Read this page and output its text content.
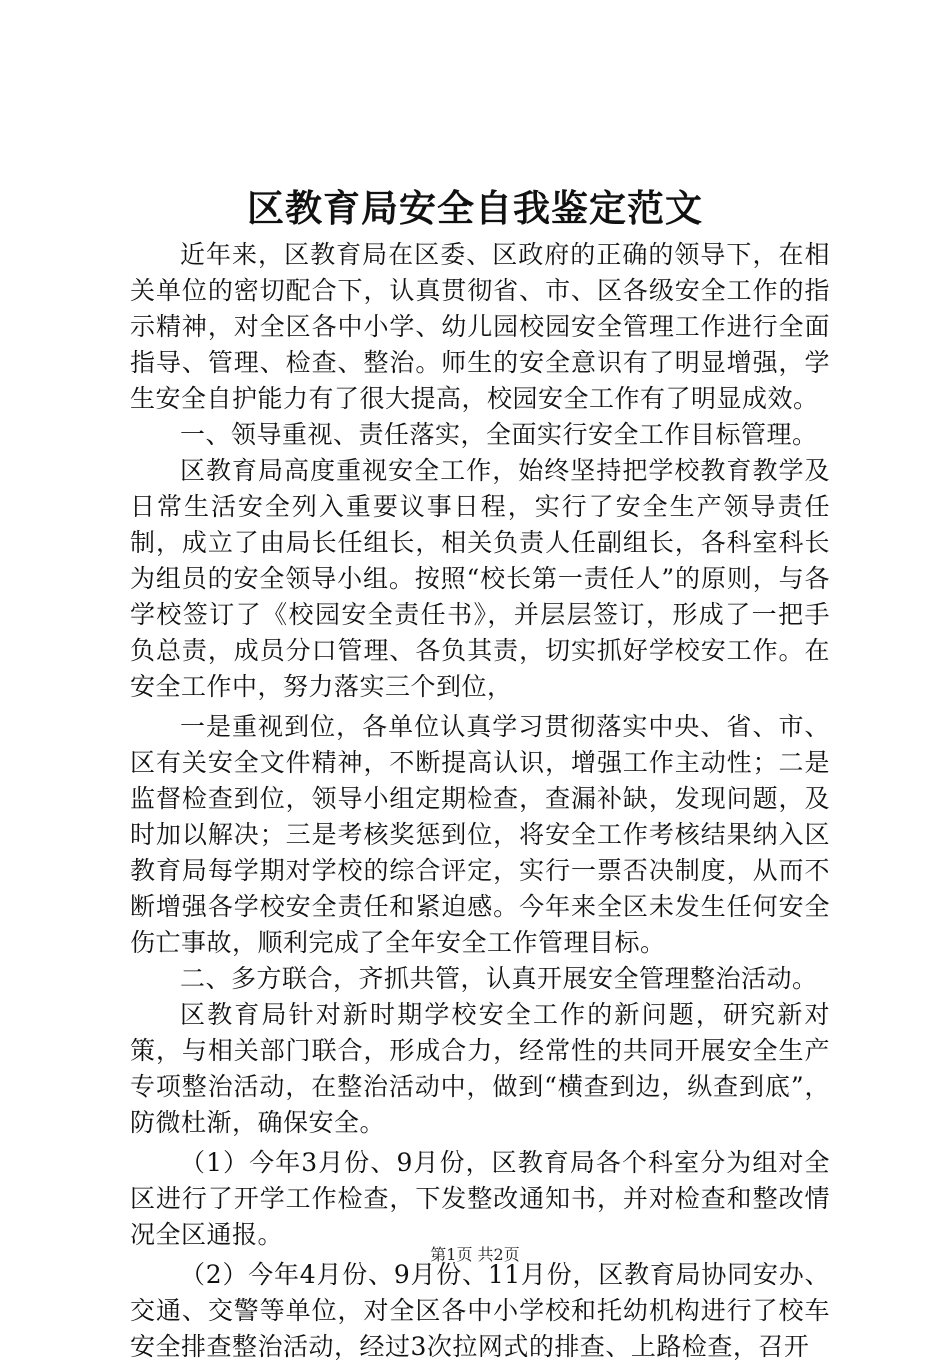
区教育局安全自我鉴定范文

近年来，区教育局在区委、区政府的正确的领导下，在相关单位的密切配合下，认真贯彻省、市、区各级安全工作的指示精神，对全区各中小学、幼儿园校园安全管理工作进行全面指导、管理、检查、整治。师生的安全意识有了明显增强，学生安全自护能力有了很大提高，校园安全工作有了明显成效。

一、领导重视、责任落实，全面实行安全工作目标管理。

区教育局高度重视安全工作，始终坚持把学校教育教学及日常生活安全列入重要议事日程，实行了安全生产领导责任制，成立了由局长任组长，相关负责人任副组长，各科室科长为组员的安全领导小组。按照“校长第一责任人”的原则，与各学校签订了《校园安全责任书》，并层层签订，形成了一把手负总责，成员分口管理、各负其责，切实抓好学校安工作。在安全工作中，努力落实三个到位，

一是重视到位，各单位认真学习贯彻落实中央、省、市、区有关安全文件精神，不断提高认识，增强工作主动性；二是监督检查到位，领导小组定期检查，查漏补缺，发现问题，及时加以解决；三是考核奖惩到位，将安全工作考核结果纳入区教育局每学期对学校的综合评定，实行一票否决制度，从而不断增强各学校安全责任和紧迫感。今年来全区未发生任何安全伤亡事故，顺利完成了全年安全工作管理目标。

二、多方联合，齐抓共管，认真开展安全管理整治活动。

区教育局针对新时期学校安全工作的新问题，研究新对策，与相关部门联合，形成合力，经常性的共同开展安全生产专项整治活动，在整治活动中，做到“横查到边，纵查到底”，防微杜渐，确保安全。

（1）今年3月份、9月份，区教育局各个科室分为组对全区进行了开学工作检查，下发整改通知书，并对检查和整改情况全区通报。

（2）今年4月份、9月份、11月份，区教育局协同安办、交通、交警等单位，对全区各中小学校和托幼机构进行了校车安全排查整治活动，经过3次拉网式的排查、上路检查，召开

第1页 共2页
